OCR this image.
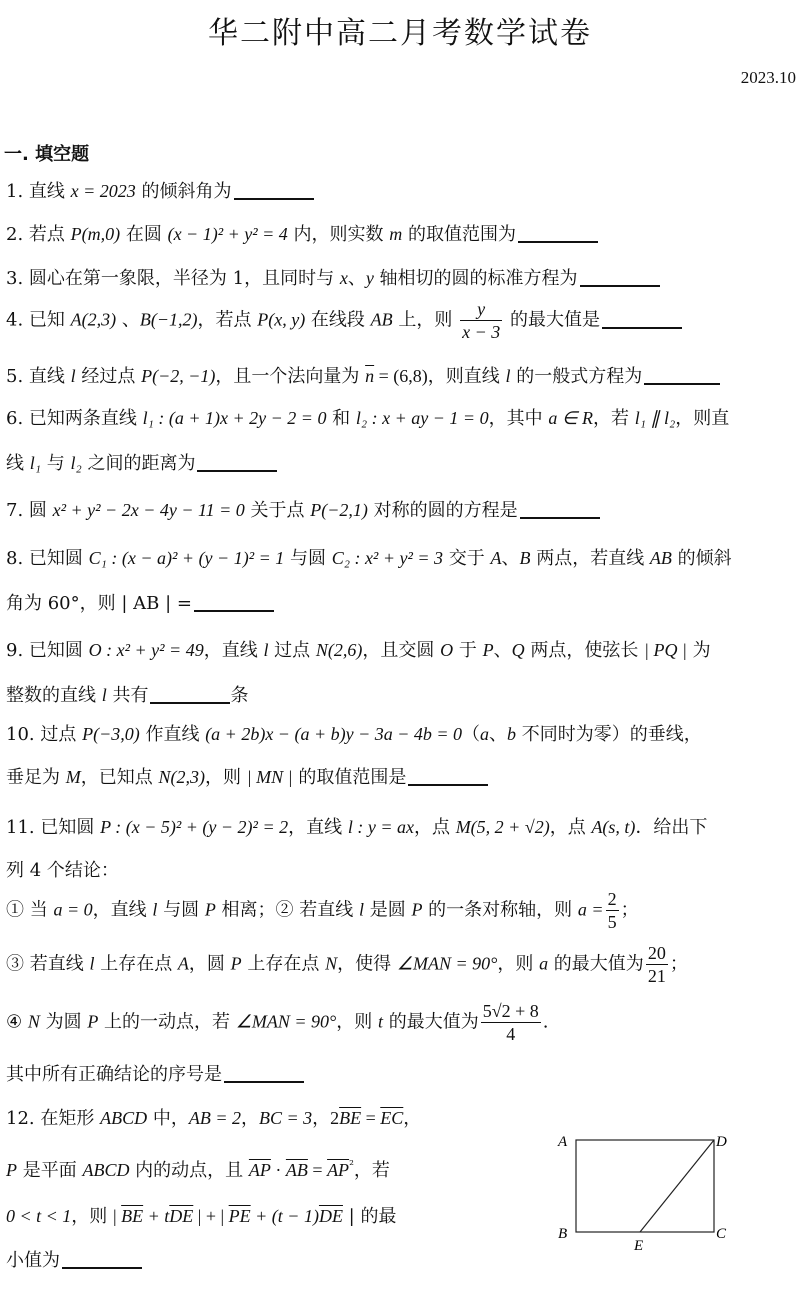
华二附中高二月考数学试卷
2023.10
一. 填空题
1. 直线 x = 2023 的倾斜角为
2. 若点 P(m,0) 在圆 (x − 1)² + y² = 4 内，则实数 m 的取值范围为
3. 圆心在第一象限，半径为 1，且同时与 x、y 轴相切的圆的标准方程为
4. 已知 A(2,3) 、B(−1,2)，若点 P(x, y) 在线段 AB 上，则 $\frac{y}{x - 3}$ 的最大值是
5. 直线 l 经过点 P(−2, −1)，且一个法向量为 $\overline{n} = (6,8)$，则直线 l 的一般式方程为
6. 已知两条直线 l₁ : (a + 1)x + 2y − 2 = 0 和 l₂ : x + ay − 1 = 0，其中 a ∈ R，若 l₁ ∥ l₂，则直
线 l₁ 与 l₂ 之间的距离为
7. 圆 x² + y² − 2x − 4y − 11 = 0 关于点 P(−2,1) 对称的圆的方程是
8. 已知圆 C₁ : (x − a)² + (y − 1)² = 1 与圆 C₂ : x² + y² = 3 交于 A、B 两点，若直线 AB 的倾斜
角为 60°，则 | AB | =
9. 已知圆 O : x² + y² = 49，直线 l 过点 N(2,6)，且交圆 O 于 P、Q 两点，使弦长 | PQ | 为
整数的直线 l 共有	条
10. 过点 P(−3,0) 作直线 (a + 2b)x − (a + b)y − 3a − 4b = 0（a、b 不同时为零）的垂线，
垂足为 M，已知点 N(2,3)，则 | MN | 的取值范围是
11. 已知圆 P : (x − 5)² + (y − 2)² = 2，直线 l : y = ax，点 M(5, 2 + √2)，点 A(s, t)．给出下
列 4 个结论：
① 当 a = 0，直线 l 与圆 P 相离；② 若直线 l 是圆 P 的一条对称轴，则 $a = \frac{2}{5}$ ；
③ 若直线 l 上存在点 A，圆 P 上存在点 N，使得 ∠MAN = 90°，则 a 的最大值为 $\frac{20}{21}$ ；
④ N 为圆 P 上的一动点，若 ∠MAN = 90°，则 t 的最大值为 $\frac{5√2 + 8}{4}$ .
其中所有正确结论的序号是
12. 在矩形 ABCD 中，AB = 2，BC = 3，$2\overline{BE} = \overline{EC}$，
P 是平面 ABCD 内的动点，且 $\overline{AP} \cdot \overline{AB} = \overline{AP}^{^2}$，若
0 < t < 1，则 | $\overline{BE} + t\overline{DE}$ | + | $\overline{PE} + (t - 1)\overline{DE}$ | 的最
小值为
A	D
B	C
E
